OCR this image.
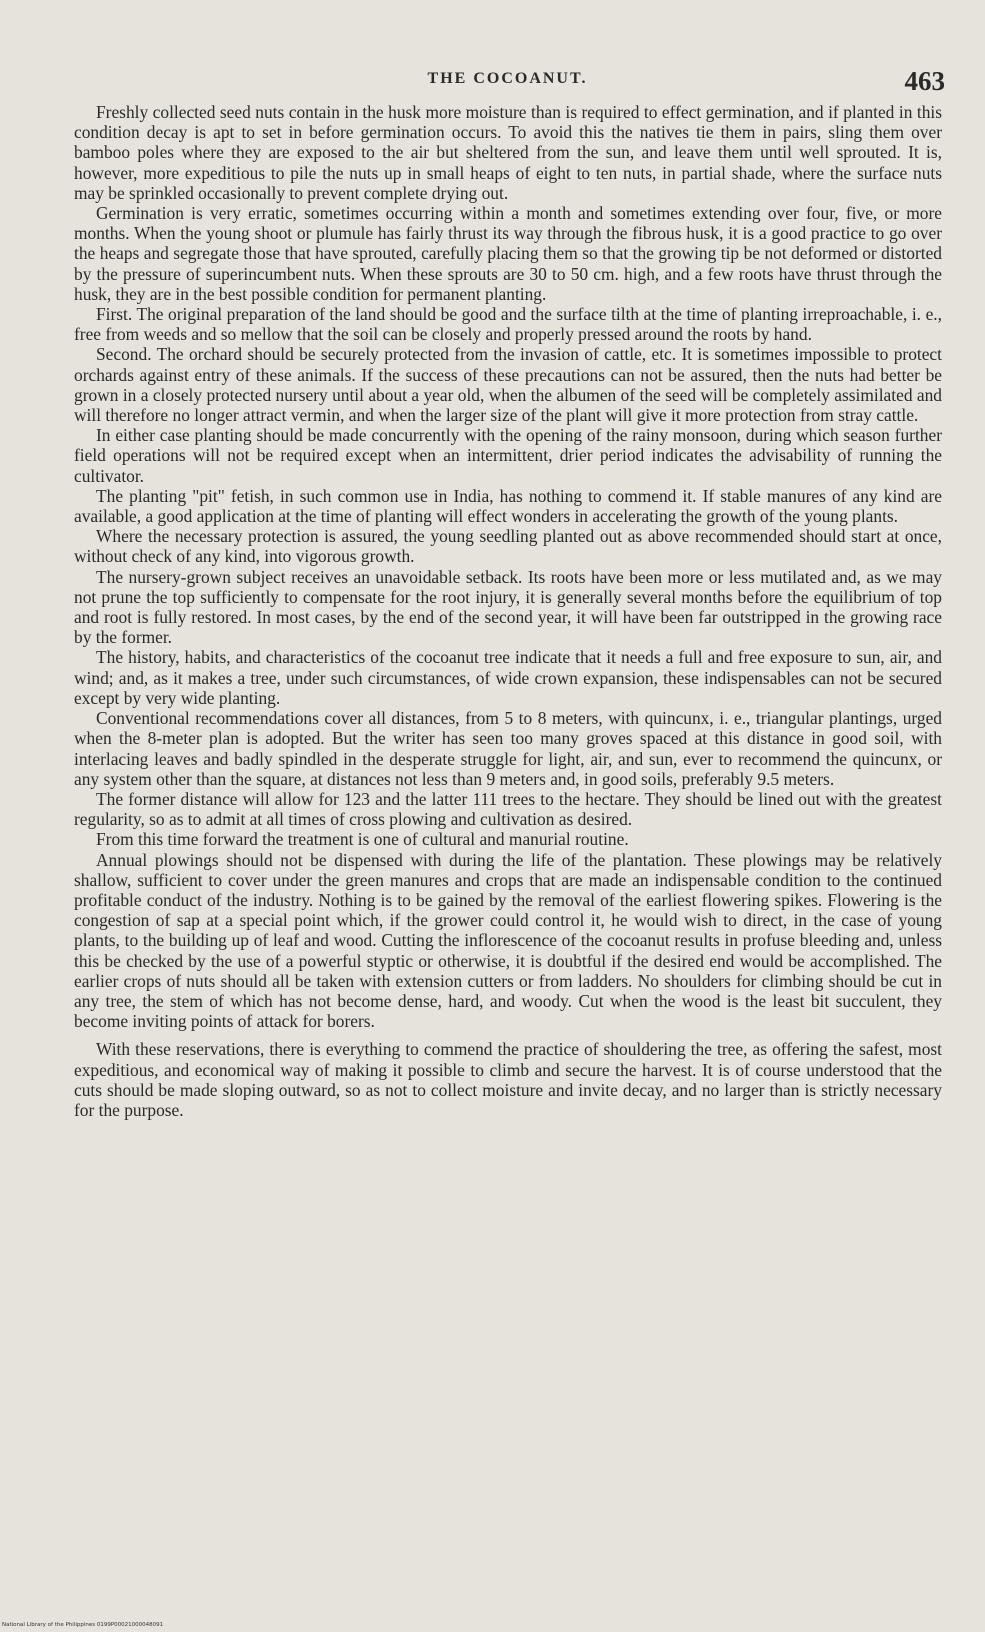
THE COCOANUT.	463

Freshly collected seed nuts contain in the husk more moisture than is required to effect germination, and if planted in this condition decay is apt to set in before germination occurs. To avoid this the natives tie them in pairs, sling them over bamboo poles where they are exposed to the air but sheltered from the sun, and leave them until well sprouted. It is, however, more expeditious to pile the nuts up in small heaps of eight to ten nuts, in partial shade, where the surface nuts may be sprinkled occasionally to prevent complete drying out.

Germination is very erratic, sometimes occurring within a month and sometimes extending over four, five, or more months. When the young shoot or plumule has fairly thrust its way through the fibrous husk, it is a good practice to go over the heaps and segregate those that have sprouted, carefully placing them so that the growing tip be not deformed or distorted by the pressure of superincumbent nuts. When these sprouts are 30 to 50 cm. high, and a few roots have thrust through the husk, they are in the best possible condition for permanent planting.

First. The original preparation of the land should be good and the surface tilth at the time of planting irreproachable, i. e., free from weeds and so mellow that the soil can be closely and properly pressed around the roots by hand.

Second. The orchard should be securely protected from the invasion of cattle, etc. It is sometimes impossible to protect orchards against entry of these animals. If the success of these precautions can not be assured, then the nuts had better be grown in a closely protected nursery until about a year old, when the albumen of the seed will be completely assimilated and will therefore no longer attract vermin, and when the larger size of the plant will give it more protection from stray cattle.

In either case planting should be made concurrently with the opening of the rainy monsoon, during which season further field operations will not be required except when an intermittent, drier period indicates the advisability of running the cultivator.

The planting "pit" fetish, in such common use in India, has nothing to commend it. If stable manures of any kind are available, a good application at the time of planting will effect wonders in accelerating the growth of the young plants.

Where the necessary protection is assured, the young seedling planted out as above recommended should start at once, without check of any kind, into vigorous growth.

The nursery-grown subject receives an unavoidable setback. Its roots have been more or less mutilated and, as we may not prune the top sufficiently to compensate for the root injury, it is generally several months before the equilibrium of top and root is fully restored. In most cases, by the end of the second year, it will have been far outstripped in the growing race by the former.

The history, habits, and characteristics of the cocoanut tree indicate that it needs a full and free exposure to sun, air, and wind; and, as it makes a tree, under such circumstances, of wide crown expansion, these indispensables can not be secured except by very wide planting.

Conventional recommendations cover all distances, from 5 to 8 meters, with quincunx, i. e., triangular plantings, urged when the 8-meter plan is adopted. But the writer has seen too many groves spaced at this distance in good soil, with interlacing leaves and badly spindled in the desperate struggle for light, air, and sun, ever to recommend the quincunx, or any system other than the square, at distances not less than 9 meters and, in good soils, preferably 9.5 meters.

The former distance will allow for 123 and the latter 111 trees to the hectare. They should be lined out with the greatest regularity, so as to admit at all times of cross plowing and cultivation as desired.

From this time forward the treatment is one of cultural and manurial routine.

Annual plowings should not be dispensed with during the life of the plantation. These plowings may be relatively shallow, sufficient to cover under the green manures and crops that are made an indispensable condition to the continued profitable conduct of the industry. Nothing is to be gained by the removal of the earliest flowering spikes. Flowering is the congestion of sap at a special point which, if the grower could control it, he would wish to direct, in the case of young plants, to the building up of leaf and wood. Cutting the inflorescence of the cocoanut results in profuse bleeding and, unless this be checked by the use of a powerful styptic or otherwise, it is doubtful if the desired end would be accomplished. The earlier crops of nuts should all be taken with extension cutters or from ladders. No shoulders for climbing should be cut in any tree, the stem of which has not become dense, hard, and woody. Cut when the wood is the least bit succulent, they become inviting points of attack for borers.

With these reservations, there is everything to commend the practice of shouldering the tree, as offering the safest, most expeditious, and economical way of making it possible to climb and secure the harvest. It is of course understood that the cuts should be made sloping outward, so as not to collect moisture and invite decay, and no larger than is strictly necessary for the purpose.

National Library of the Philippines 0199P00021000048091
